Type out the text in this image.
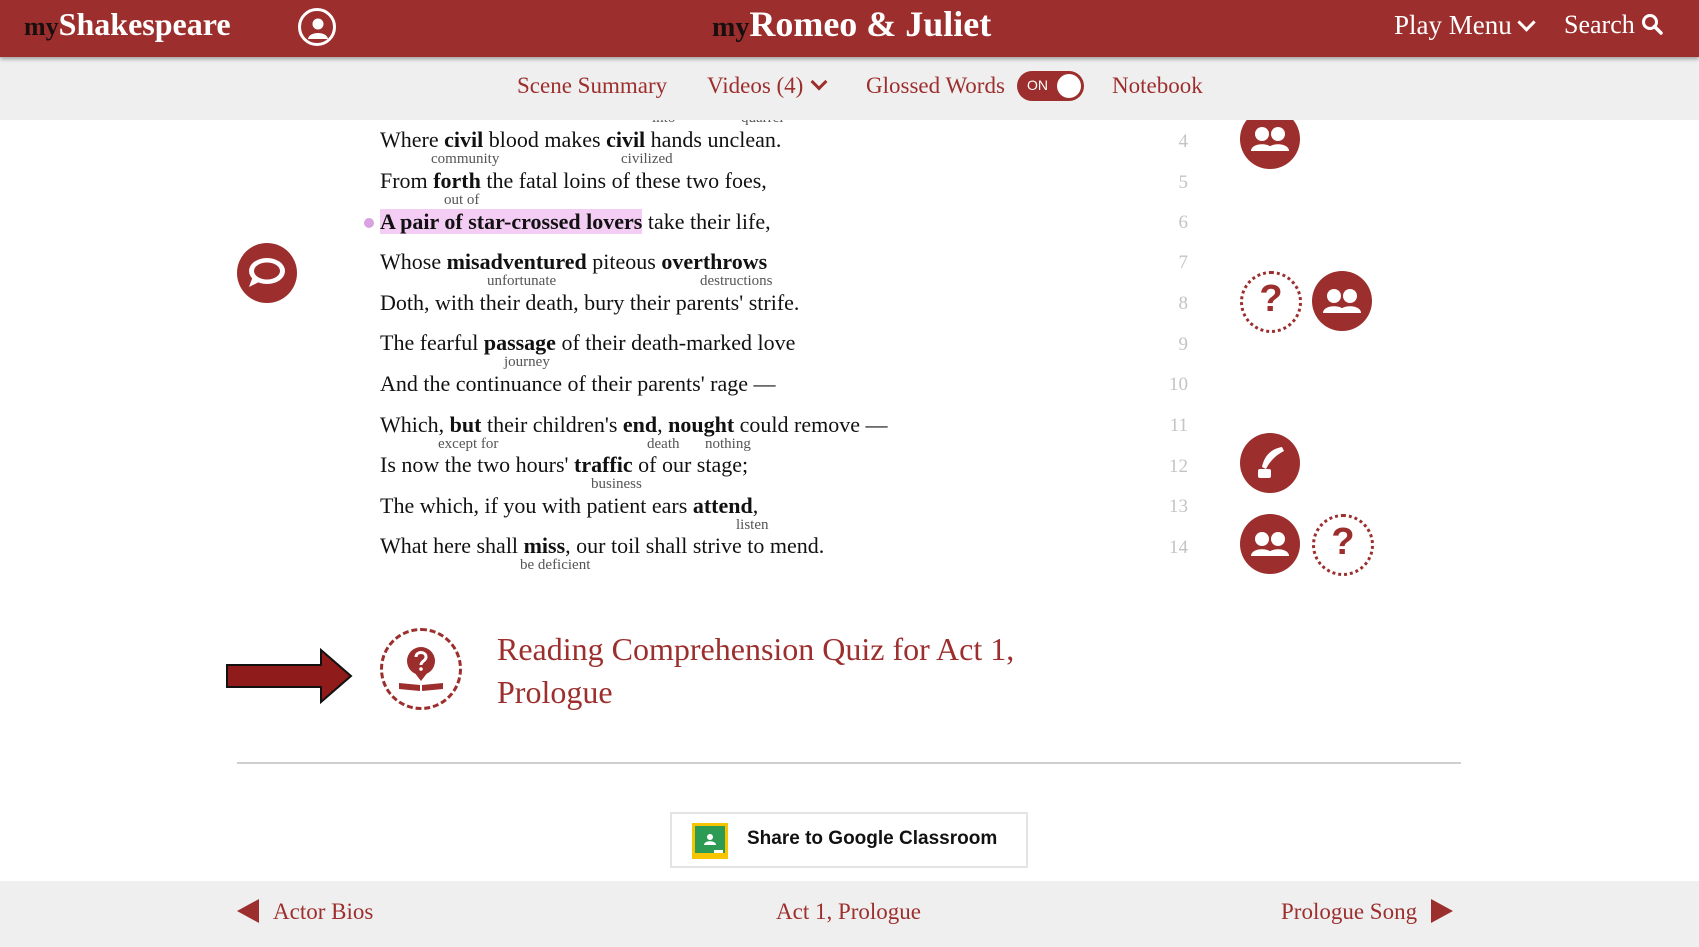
myShakespeare	myRomeo & Juliet	Play Menu	Search
Scene Summary Videos (4)	Glossed Words ON	Notebook
Where civil blood makes civil hands unclean.
community	civilized
4
From forth the fatal loins of these two foes,
out of
5
A pair of star-crossed lovers take their life,	6
Whose misadventured piteous overthrows
unfortunate	destructions
7
Doth, with their death, bury their parents' strife.	8
The fearful passage of their death-marked love
journey
9
And the continuance of their parents' rage —	10
Which, but their children's end, nought could remove —
except for	death nothing
11
Is now the two hours' traffic of our stage;
business
12
The which, if you with patient ears attend,
listen
13
What here shall miss, our toil shall strive to mend.
be deficient
14
?
?
Reading Comprehension Quiz for Act 1, Prologue
Share to Google Classroom
Actor Bios	Act 1, Prologue	Prologue Song
